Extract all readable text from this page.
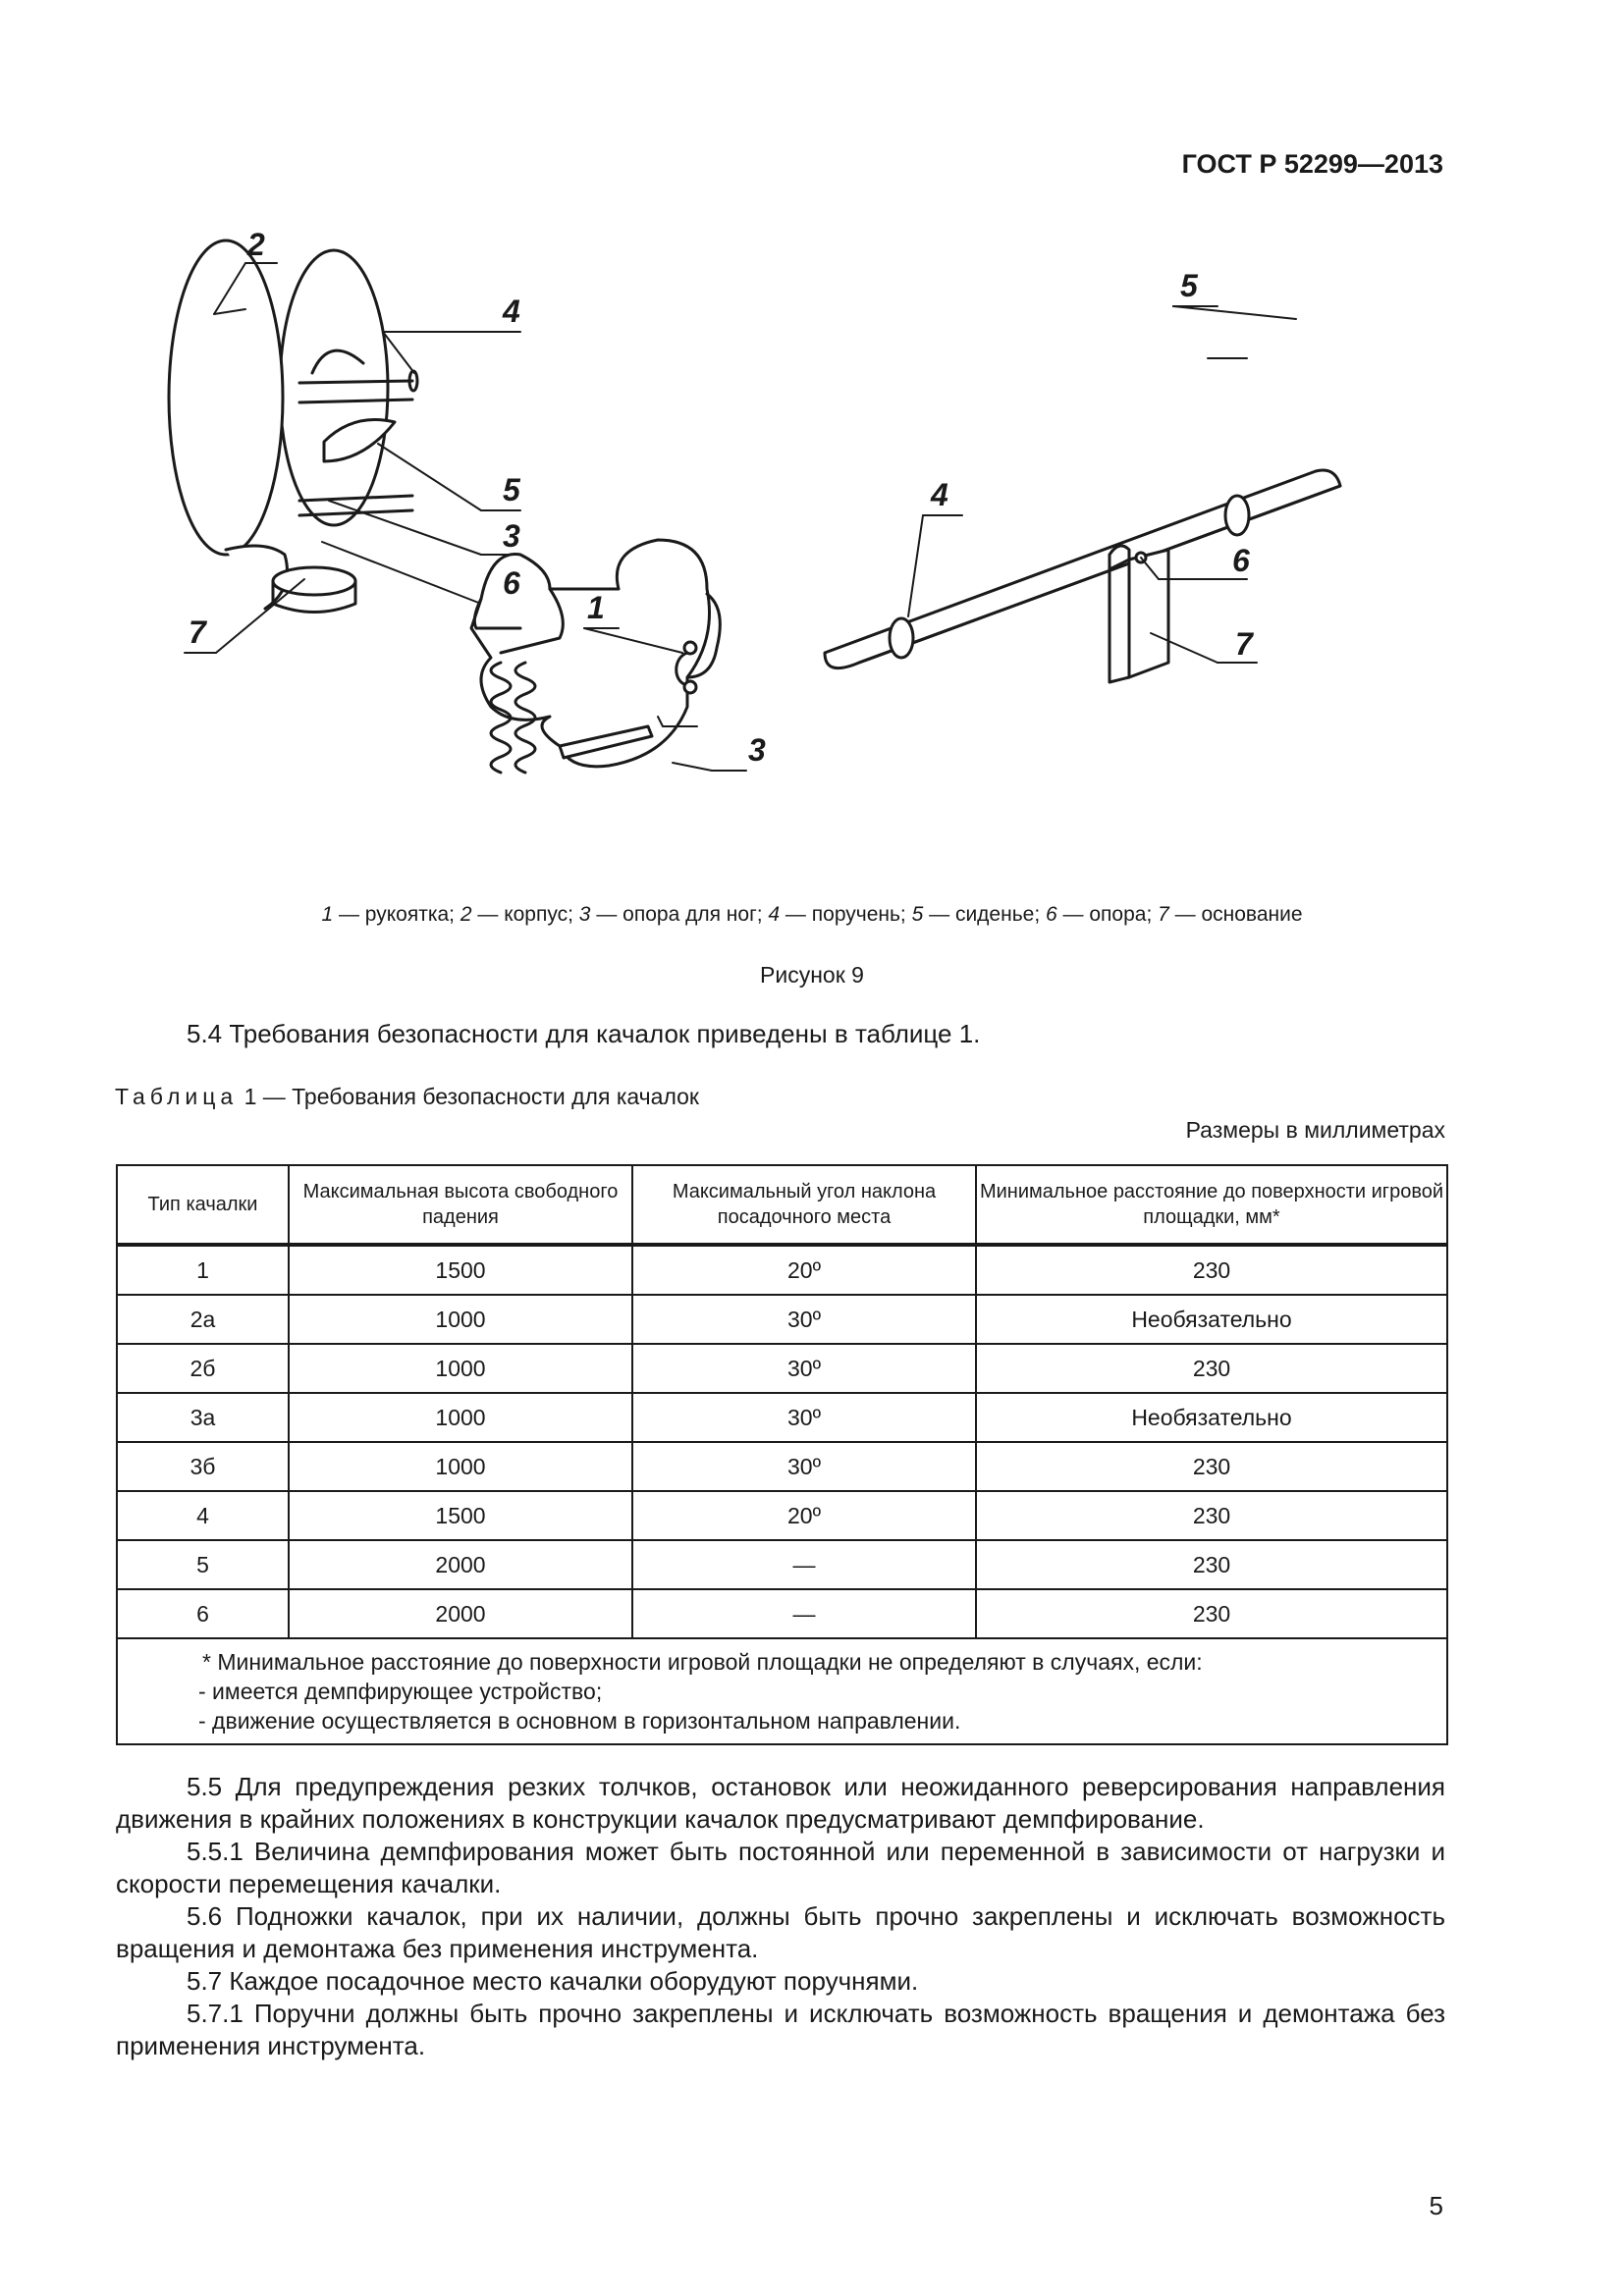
ГОСТ Р 52299—2013
2
4
5
3
6
7
5
4
6
7
1
3
1 — рукоятка; 2 — корпус; 3 — опора для ног; 4 — поручень; 5 — сиденье; 6 — опора; 7 — основание
Рисунок 9
5.4 Требования безопасности для качалок приведены в таблице 1.
Таблица 1 — Требования безопасности для качалок
Размеры в миллиметрах
Тип качалки	Максимальная высота свободного падения	Максимальный угол наклона посадочного места	Минимальное расстояние до поверхности игровой площадки, мм*
1	1500	20º	230
2а	1000	30º	Необязательно
2б	1000	30º	230
3а	1000	30º	Необязательно
3б	1000	30º	230
4	1500	20º	230
5	2000	—	230
6	2000	—	230

* Минимальное расстояние до поверхности игровой площадки не определяют в случаях, если:
- имеется демпфирующее устройство;
- движение осуществляется в основном в горизонтальном направлении.			

5.5 Для предупреждения резких толчков, остановок или неожиданного реверсирования направления движения в крайних положениях в конструкции качалок предусматривают демпфирование.

5.5.1 Величина демпфирования может быть постоянной или переменной в зависимости от нагрузки и скорости перемещения качалки.

5.6 Подножки качалок, при их наличии, должны быть прочно закреплены и исключать возможность вращения и демонтажа без применения инструмента.

5.7 Каждое посадочное место качалки оборудуют поручнями.

5.7.1 Поручни должны быть прочно закреплены и исключать возможность вращения и демонтажа без применения инструмента.

5
